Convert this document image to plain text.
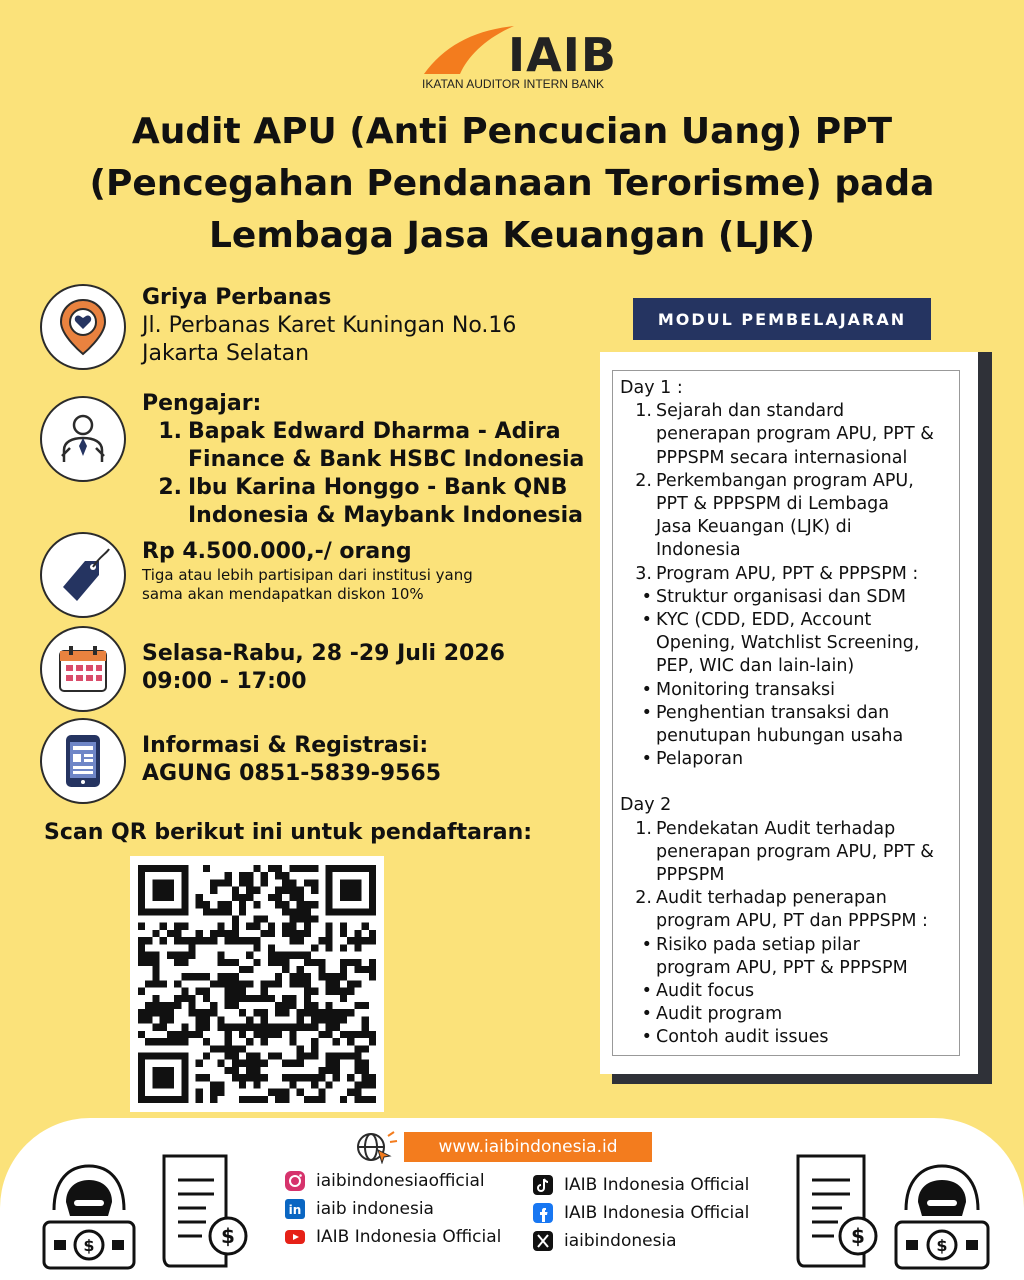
IAIB
IKATAN AUDITOR INTERN BANK
Audit APU (Anti Pencucian Uang) PPT
(Pencegahan Pendanaan Terorisme) pada
Lembaga Jasa Keuangan (LJK)
Griya Perbanas
Jl. Perbanas Karet Kuningan No.16
Jakarta Selatan
Pengajar:
1. Bapak Edward Dharma - Adira
Finance & Bank HSBC Indonesia
2. Ibu Karina Honggo - Bank QNB
Indonesia & Maybank Indonesia
Rp 4.500.000,-/ orang
Tiga atau lebih partisipan dari institusi yang
sama akan mendapatkan diskon 10%
Selasa-Rabu, 28 -29 Juli 2026
09:00 - 17:00
Informasi & Registrasi:
AGUNG 0851-5839-9565
Scan QR berikut ini untuk pendaftaran:
MODUL PEMBELAJARAN
Day 1 :
1. Sejarah dan standard
penerapan program APU, PPT &
PPPSPM secara internasional
2. Perkembangan program APU,
PPT & PPPSPM di Lembaga
Jasa Keuangan (LJK) di
Indonesia
3. Program APU, PPT & PPPSPM :
• Struktur organisasi dan SDM
• KYC (CDD, EDD, Account
Opening, Watchlist Screening,
PEP, WIC dan lain-lain)
• Monitoring transaksi
• Penghentian transaksi dan
penutupan hubungan usaha
• Pelaporan
Day 2
1. Pendekatan Audit terhadap
penerapan program APU, PPT &
PPPSPM
2. Audit terhadap penerapan
program APU, PT dan PPPSPM :
• Risiko pada setiap pilar
program APU, PPT & PPPSPM
• Audit focus
• Audit program
• Contoh audit issues
www.iaibindonesia.id
iaibindonesiaofficial
in iaib indonesia
IAIB Indonesia Official
IAIB Indonesia Official
IAIB Indonesia Official
iaibindonesia
$	$	$	$
